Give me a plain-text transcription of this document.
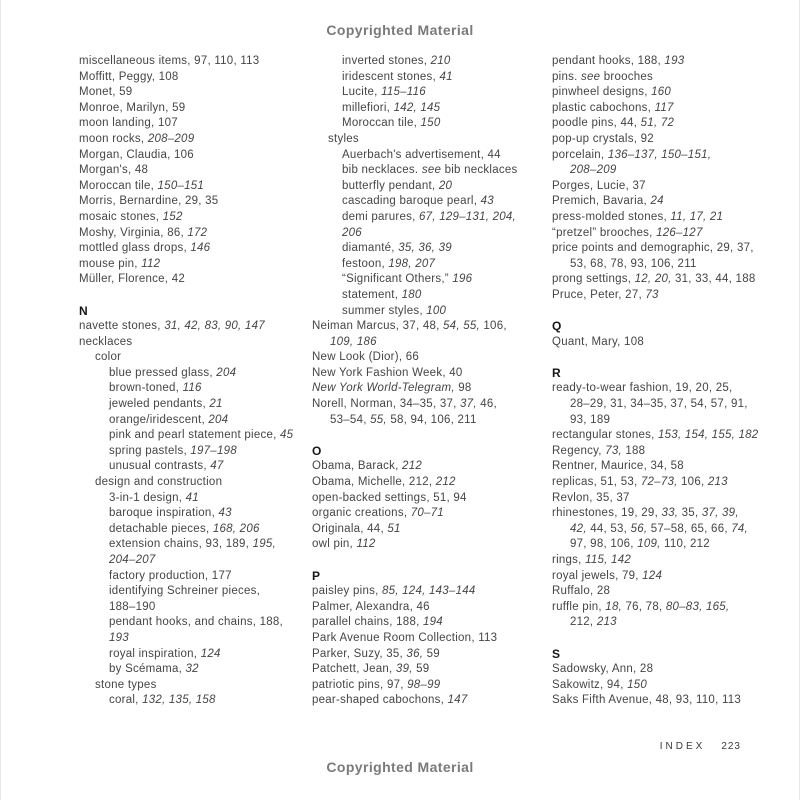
Copyrighted Material
miscellaneous items, 97, 110, 113
Moffitt, Peggy, 108
Monet, 59
Monroe, Marilyn, 59
moon landing, 107
moon rocks, 208–209
Morgan, Claudia, 106
Morgan's, 48
Moroccan tile, 150–151
Morris, Bernardine, 29, 35
mosaic stones, 152
Moshy, Virginia, 86, 172
mottled glass drops, 146
mouse pin, 112
Müller, Florence, 42
N
navette stones, 31, 42, 83, 90, 147
necklaces
color
blue pressed glass, 204
brown-toned, 116
jeweled pendants, 21
orange/iridescent, 204
pink and pearl statement piece, 45
spring pastels, 197–198
unusual contrasts, 47
design and construction
3-in-1 design, 41
baroque inspiration, 43
detachable pieces, 168, 206
extension chains, 93, 189, 195,
204–207
factory production, 177
identifying Schreiner pieces,
188–190
pendant hooks, and chains, 188,
193
royal inspiration, 124
by Scémama, 32
stone types
coral, 132, 135, 158
inverted stones, 210
iridescent stones, 41
Lucite, 115–116
millefiori, 142, 145
Moroccan tile, 150
styles
Auerbach's advertisement, 44
bib necklaces. see bib necklaces
butterfly pendant, 20
cascading baroque pearl, 43
demi parures, 67, 129–131, 204,
206
diamanté, 35, 36, 39
festoon, 198, 207
“Significant Others,” 196
statement, 180
summer styles, 100
Neiman Marcus, 37, 48, 54, 55, 106,
109, 186
New Look (Dior), 66
New York Fashion Week, 40
New York World-Telegram, 98
Norell, Norman, 34–35, 37, 37, 46,
53–54, 55, 58, 94, 106, 211
O
Obama, Barack, 212
Obama, Michelle, 212, 212
open-backed settings, 51, 94
organic creations, 70–71
Originala, 44, 51
owl pin, 112
P
paisley pins, 85, 124, 143–144
Palmer, Alexandra, 46
parallel chains, 188, 194
Park Avenue Room Collection, 113
Parker, Suzy, 35, 36, 59
Patchett, Jean, 39, 59
patriotic pins, 97, 98–99
pear-shaped cabochons, 147
pendant hooks, 188, 193
pins. see brooches
pinwheel designs, 160
plastic cabochons, 117
poodle pins, 44, 51, 72
pop-up crystals, 92
porcelain, 136–137, 150–151,
208–209
Porges, Lucie, 37
Premich, Bavaria, 24
press-molded stones, 11, 17, 21
“pretzel” brooches, 126–127
price points and demographic, 29, 37,
53, 68, 78, 93, 106, 211
prong settings, 12, 20, 31, 33, 44, 188
Pruce, Peter, 27, 73
Q
Quant, Mary, 108
R
ready-to-wear fashion, 19, 20, 25,
28–29, 31, 34–35, 37, 54, 57, 91,
93, 189
rectangular stones, 153, 154, 155, 182
Regency, 73, 188
Rentner, Maurice, 34, 58
replicas, 51, 53, 72–73, 106, 213
Revlon, 35, 37
rhinestones, 19, 29, 33, 35, 37, 39,
42, 44, 53, 56, 57–58, 65, 66, 74,
97, 98, 106, 109, 110, 212
rings, 115, 142
royal jewels, 79, 124
Ruffalo, 28
ruffle pin, 18, 76, 78, 80–83, 165,
212, 213
S
Sadowsky, Ann, 28
Sakowitz, 94, 150
Saks Fifth Avenue, 48, 93, 110, 113
INDEX 223
Copyrighted Material
